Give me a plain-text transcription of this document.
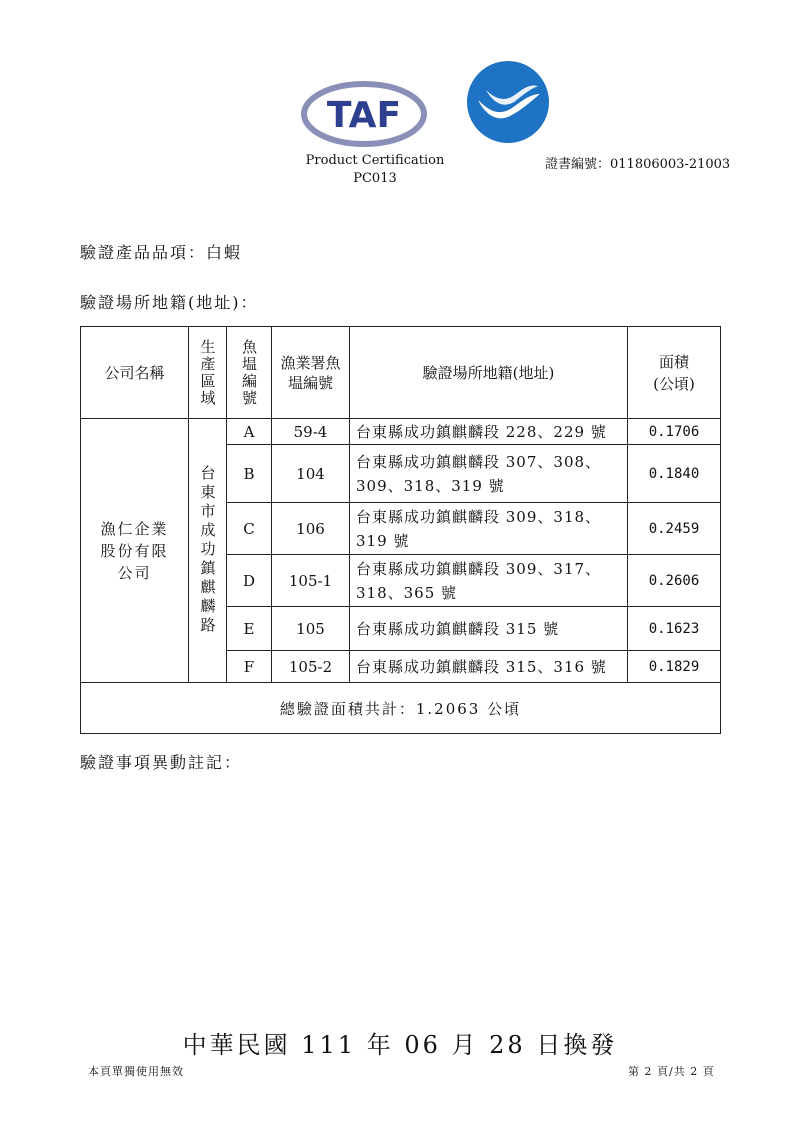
TAF
Product Certification
PC013
證書編號：011806003-21003
驗證產品品項：白蝦
驗證場所地籍(地址)：
公司名稱	生產區域	魚塭編號	漁業署魚塭編號	驗證場所地籍(地址)	面積
(公頃)

漁仁企業股份有限公司	台東市成功鎮麒麟路	A	59-4	台東縣成功鎮麒麟段 228、229 號	0.1706
		B	104	台東縣成功鎮麒麟段 307、308、309、318、319 號	0.1840
		C	106	台東縣成功鎮麒麟段 309、318、319 號	0.2459
		D	105-1	台東縣成功鎮麒麟段 309、317、318、365 號	0.2606
		E	105	台東縣成功鎮麒麟段 315 號	0.1623
		F	105-2	台東縣成功鎮麒麟段 315、316 號	0.1829
總驗證面積共計：1.2063 公頃					
驗證事項異動註記：
中華民國 111 年 06 月 28 日換發
本頁單獨使用無效	第 2 頁/共 2 頁
